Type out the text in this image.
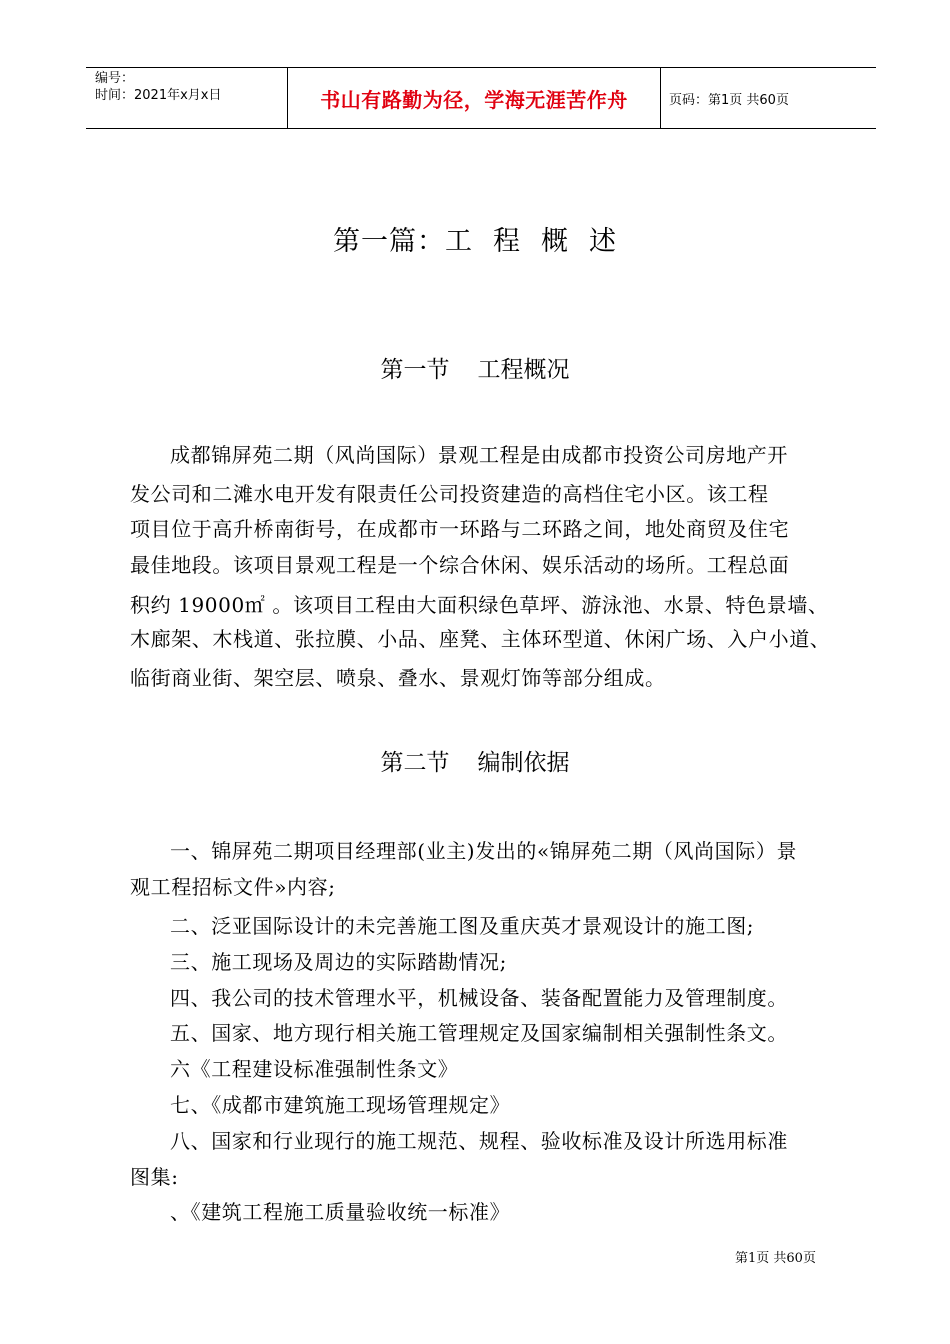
编号：
时间：2021年x月x日	书山有路勤为径，学海无涯苦作舟	页码：第1页 共60页
第一篇：工 程 概 述
第一节 工程概况
成都锦屏苑二期（风尚国际）景观工程是由成都市投资公司房地产开
发公司和二滩水电开发有限责任公司投资建造的高档住宅小区。该工程
项目位于高升桥南街号，在成都市一环路与二环路之间，地处商贸及住宅
最佳地段。该项目景观工程是一个综合休闲、娱乐活动的场所。工程总面
积约 19000㎡ 。该项目工程由大面积绿色草坪、游泳池、水景、特色景墙、
木廊架、木栈道、张拉膜、小品、座凳、主体环型道、休闲广场、入户小道、
临街商业街、架空层、喷泉、叠水、景观灯饰等部分组成。
第二节 编制依据
一、锦屏苑二期项目经理部(业主)发出的«锦屏苑二期（风尚国际）景
观工程招标文件»内容;
二、泛亚国际设计的未完善施工图及重庆英才景观设计的施工图;
三、施工现场及周边的实际踏勘情况;
四、我公司的技术管理水平，机械设备、装备配置能力及管理制度。
五、国家、地方现行相关施工管理规定及国家编制相关强制性条文。
六《工程建设标准强制性条文》
七、《成都市建筑施工现场管理规定》
八、国家和行业现行的施工规范、规程、验收标准及设计所选用标准
图集:
、《建筑工程施工质量验收统一标准》
第1页 共60页
